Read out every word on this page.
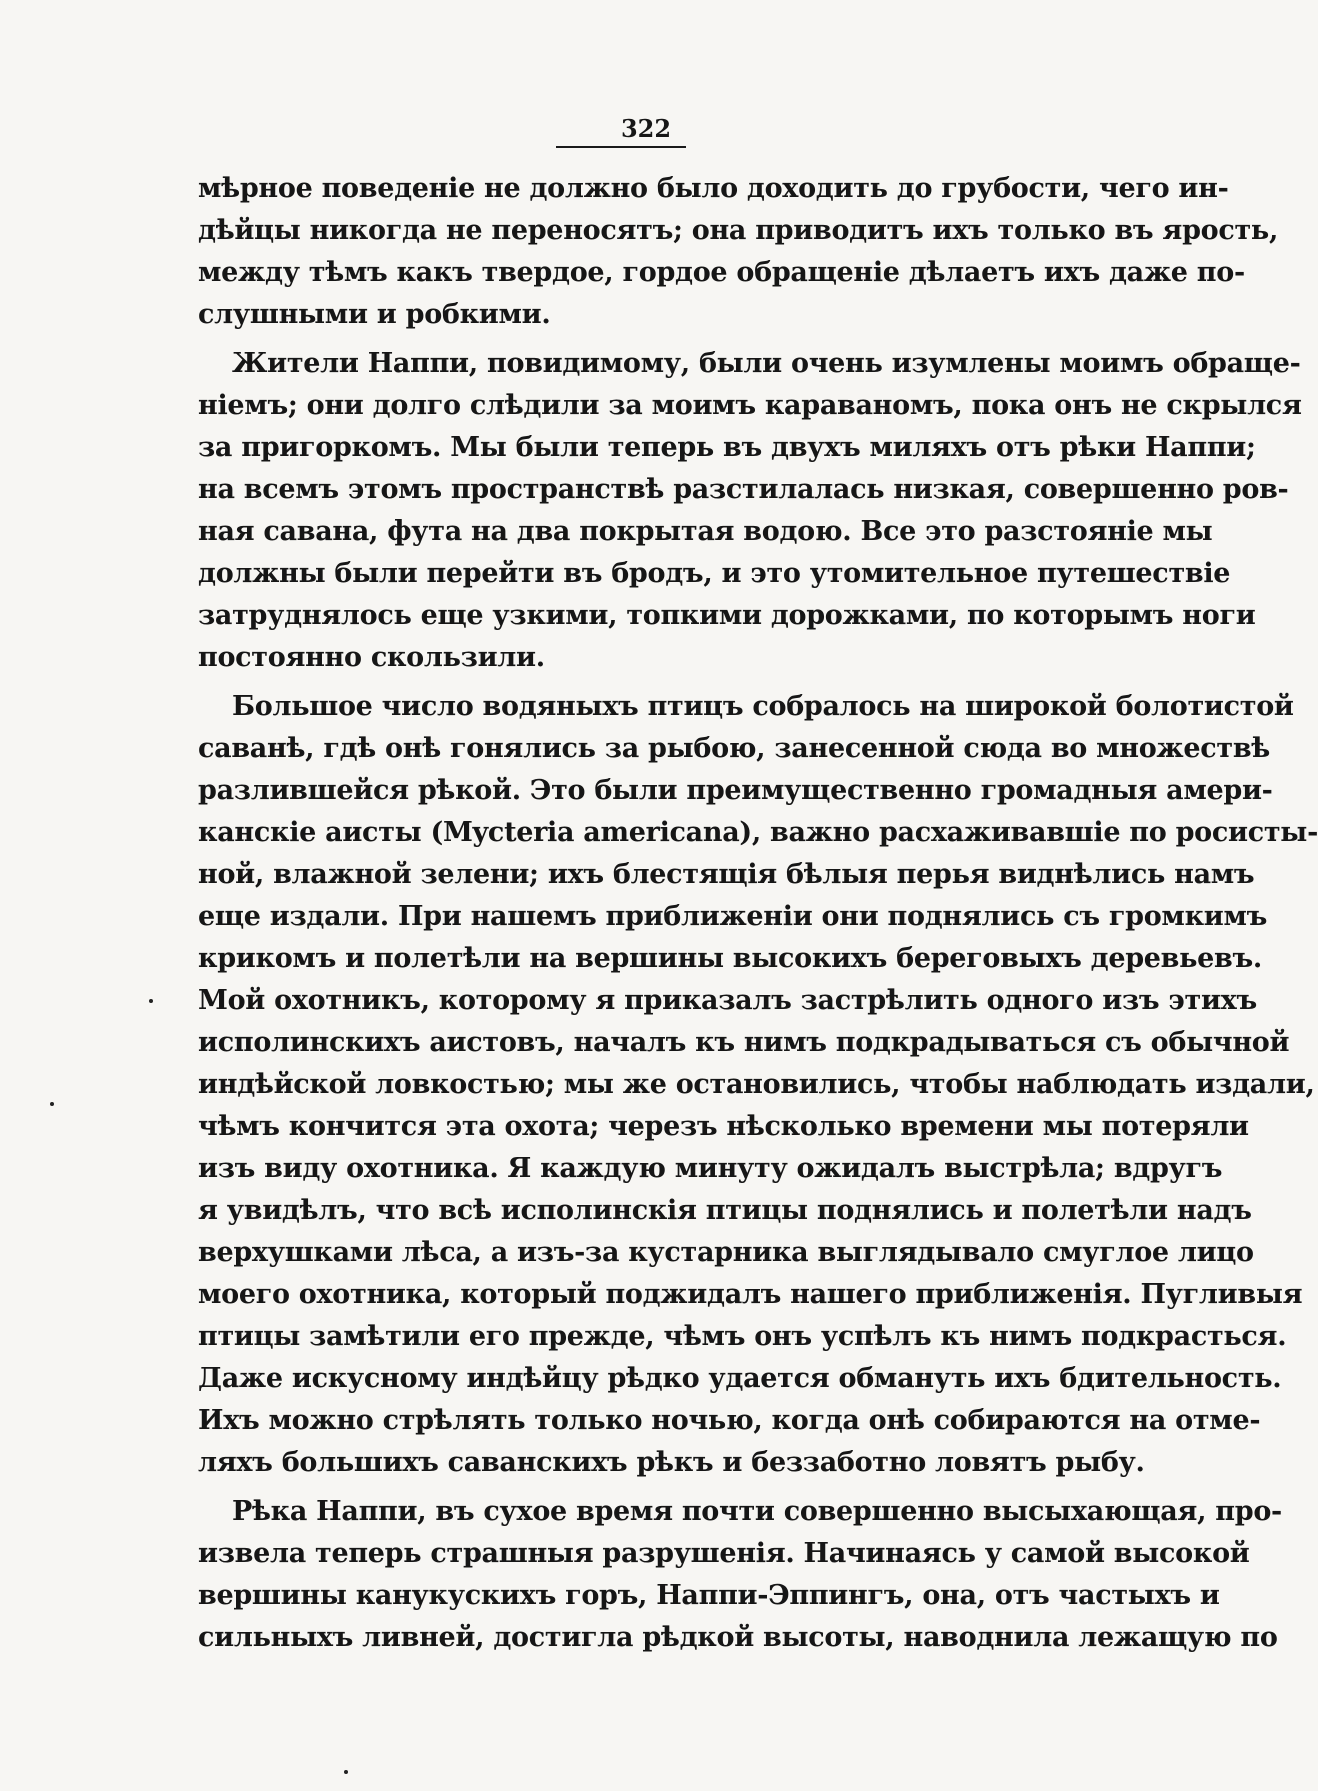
322
мѣрное поведенiе не должно было доходить до грубости, чего ин-
дѣйцы никогда не переносятъ; она приводитъ ихъ только въ ярость,
между тѣмъ какъ твердое, гордое обращенiе дѣлаетъ ихъ даже по-
слушными и робкими.
Жители Наппи, повидимому, были очень изумлены моимъ обраще-
нiемъ; они долго слѣдили за моимъ караваномъ, пока онъ не скрылся
за пригоркомъ. Мы были теперь въ двухъ миляхъ отъ рѣки Наппи;
на всемъ этомъ пространствѣ разстилалась низкая, совершенно ров-
ная савана, фута на два покрытая водою. Все это разстоянiе мы
должны были перейти въ бродъ, и это утомительное путешествiе
затруднялось еще узкими, топкими дорожками, по которымъ ноги
постоянно скользили.
Большое число водяныхъ птицъ собралось на широкой болотистой
саванѣ, гдѣ онѣ гонялись за рыбою, занесенной сюда во множествѣ
разлившейся рѣкой. Это были преимущественно громадныя амери-
канскiе аисты (Mycteria americana), важно расхаживавшiе по росисты-
ной, влажной зелени; ихъ блестящiя бѣлыя перья виднѣлись намъ
еще издали. При нашемъ приближенiи они поднялись съ громкимъ
крикомъ и полетѣли на вершины высокихъ береговыхъ деревьевъ.
Мой охотникъ, которому я приказалъ застрѣлить одного изъ этихъ
исполинскихъ аистовъ, началъ къ нимъ подкрадываться съ обычной
индѣйской ловкостью; мы же остановились, чтобы наблюдать издали,
чѣмъ кончится эта охота; черезъ нѣсколько времени мы потеряли
изъ виду охотника. Я каждую минуту ожидалъ выстрѣла; вдругъ
я увидѣлъ, что всѣ исполинскiя птицы поднялись и полетѣли надъ
верхушками лѣса, а изъ-за кустарника выглядывало смуглое лицо
моего охотника, который поджидалъ нашего приближенiя. Пугливыя
птицы замѣтили его прежде, чѣмъ онъ успѣлъ къ нимъ подкрасться.
Даже искусному индѣйцу рѣдко удается обмануть ихъ бдительность.
Ихъ можно стрѣлять только ночью, когда онѣ собираются на отме-
ляхъ большихъ саванскихъ рѣкъ и беззаботно ловятъ рыбу.
Рѣка Наппи, въ сухое время почти совершенно высыхающая, про-
извела теперь страшныя разрушенiя. Начинаясь у самой высокой
вершины канукускихъ горъ, Наппи-Эппингъ, она, отъ частыхъ и
сильныхъ ливней, достигла рѣдкой высоты, наводнила лежащую по
